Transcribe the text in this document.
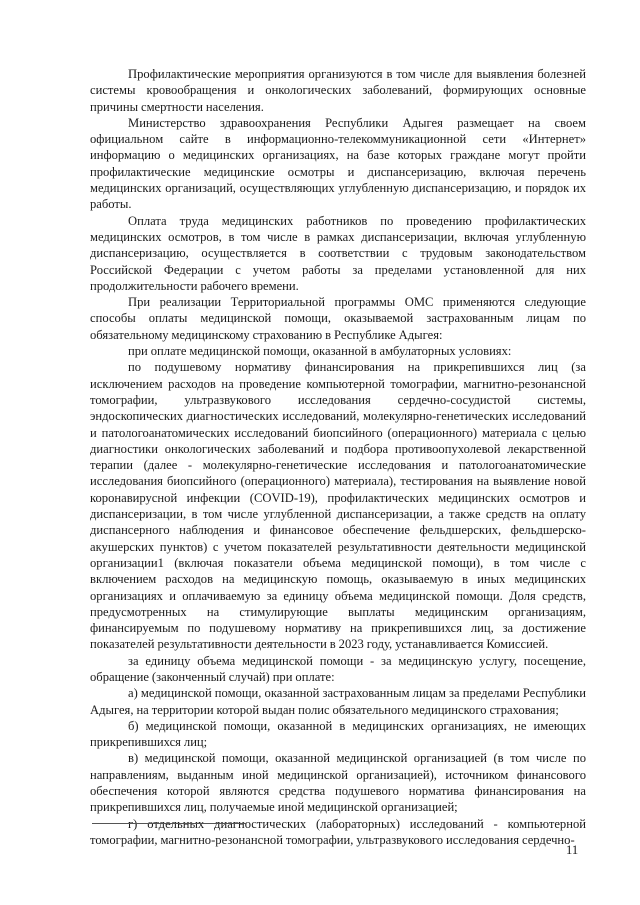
Профилактические мероприятия организуются в том числе для выявления болезней системы кровообращения и онкологических заболеваний, формирующих основные причины смертности населения.

Министерство здравоохранения Республики Адыгея размещает на своем официальном сайте в информационно-телекоммуникационной сети «Интернет» информацию о медицинских организациях, на базе которых граждане могут пройти профилактические медицинские осмотры и диспансеризацию, включая перечень медицинских организаций, осуществляющих углубленную диспансеризацию, и порядок их работы.

Оплата труда медицинских работников по проведению профилактических медицинских осмотров, в том числе в рамках диспансеризации, включая углубленную диспансеризацию, осуществляется в соответствии с трудовым законодательством Российской Федерации с учетом работы за пределами установленной для них продолжительности рабочего времени.

При реализации Территориальной программы ОМС применяются следующие способы оплаты медицинской помощи, оказываемой застрахованным лицам по обязательному медицинскому страхованию в Республике Адыгея:

при оплате медицинской помощи, оказанной в амбулаторных условиях:

по подушевому нормативу финансирования на прикрепившихся лиц (за исключением расходов на проведение компьютерной томографии, магнитно-резонансной томографии, ультразвукового исследования сердечно-сосудистой системы, эндоскопических диагностических исследований, молекулярно-генетических исследований и патологоанатомических исследований биопсийного (операционного) материала с целью диагностики онкологических заболеваний и подбора противоопухолевой лекарственной терапии (далее - молекулярно-генетические исследования и патологоанатомические исследования биопсийного (операционного) материала), тестирования на выявление новой коронавирусной инфекции (COVID-19), профилактических медицинских осмотров и диспансеризации, в том числе углубленной диспансеризации, а также средств на оплату диспансерного наблюдения и финансовое обеспечение фельдшерских, фельдшерско-акушерских пунктов) с учетом показателей результативности деятельности медицинской организации1 (включая показатели объема медицинской помощи), в том числе с включением расходов на медицинскую помощь, оказываемую в иных медицинских организациях и оплачиваемую за единицу объема медицинской помощи. Доля средств, предусмотренных на стимулирующие выплаты медицинским организациям, финансируемым по подушевому нормативу на прикрепившихся лиц, за достижение показателей результативности деятельности в 2023 году, устанавливается Комиссией.

за единицу объема медицинской помощи - за медицинскую услугу, посещение, обращение (законченный случай) при оплате:

а) медицинской помощи, оказанной застрахованным лицам за пределами Республики Адыгея, на территории которой выдан полис обязательного медицинского страхования;

б) медицинской помощи, оказанной в медицинских организациях, не имеющих прикрепившихся лиц;

в) медицинской помощи, оказанной медицинской организацией (в том числе по направлениям, выданным иной медицинской организацией), источником финансового обеспечения которой являются средства подушевого норматива финансирования на прикрепившихся лиц, получаемые иной медицинской организацией;

г) отдельных диагностических (лабораторных) исследований - компьютерной томографии, магнитно-резонансной томографии, ультразвукового исследования сердечно-

11
